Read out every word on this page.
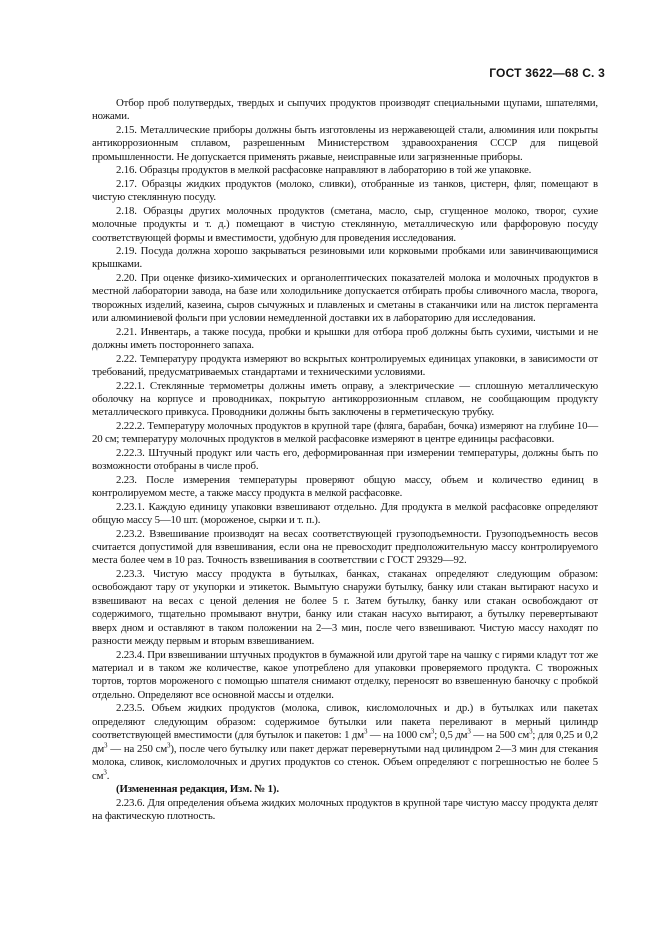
ГОСТ 3622—68 С. 3

Отбор проб полутвердых, твердых и сыпучих продуктов производят специальными щупами, шпателями, ножами.

2.15. Металлические приборы должны быть изготовлены из нержавеющей стали, алюминия или покрыты антикоррозионным сплавом, разрешенным Министерством здравоохранения СССР для пищевой промышленности. Не допускается применять ржавые, неисправные или загрязненные приборы.

2.16. Образцы продуктов в мелкой расфасовке направляют в лабораторию в той же упаковке.

2.17. Образцы жидких продуктов (молоко, сливки), отобранные из танков, цистерн, фляг, помещают в чистую стеклянную посуду.

2.18. Образцы других молочных продуктов (сметана, масло, сыр, сгущенное молоко, творог, сухие молочные продукты и т. д.) помещают в чистую стеклянную, металлическую или фарфоровую посуду соответствующей формы и вместимости, удобную для проведения исследования.

2.19. Посуда должна хорошо закрываться резиновыми или корковыми пробками или завинчивающимися крышками.

2.20. При оценке физико-химических и органолептических показателей молока и молочных продуктов в местной лаборатории завода, на базе или холодильнике допускается отбирать пробы сливочного масла, творога, творожных изделий, казеина, сыров сычужных и плавленых и сметаны в стаканчики или на листок пергамента или алюминиевой фольги при условии немедленной доставки их в лабораторию для исследования.

2.21. Инвентарь, а также посуда, пробки и крышки для отбора проб должны быть сухими, чистыми и не должны иметь постороннего запаха.

2.22. Температуру продукта измеряют во вскрытых контролируемых единицах упаковки, в зависимости от требований, предусматриваемых стандартами и техническими условиями.

2.22.1. Стеклянные термометры должны иметь оправу, а электрические — сплошную металлическую оболочку на корпусе и проводниках, покрытую антикоррозионным сплавом, не сообщающим продукту металлического привкуса. Проводники должны быть заключены в герметическую трубку.

2.22.2. Температуру молочных продуктов в крупной таре (фляга, барабан, бочка) измеряют на глубине 10—20 см; температуру молочных продуктов в мелкой расфасовке измеряют в центре единицы расфасовки.

2.22.3. Штучный продукт или часть его, деформированная при измерении температуры, должны быть по возможности отобраны в числе проб.

2.23. После измерения температуры проверяют общую массу, объем и количество единиц в контролируемом месте, а также массу продукта в мелкой расфасовке.

2.23.1. Каждую единицу упаковки взвешивают отдельно. Для продукта в мелкой расфасовке определяют общую массу 5—10 шт. (мороженое, сырки и т. п.).

2.23.2. Взвешивание производят на весах соответствующей грузоподъемности. Грузоподъемность весов считается допустимой для взвешивания, если она не превосходит предположительную массу контролируемого места более чем в 10 раз. Точность взвешивания в соответствии с ГОСТ 29329—92.

2.23.3. Чистую массу продукта в бутылках, банках, стаканах определяют следующим образом: освобождают тару от укупорки и этикеток. Вымытую снаружи бутылку, банку или стакан вытирают насухо и взвешивают на весах с ценой деления не более 5 г. Затем бутылку, банку или стакан освобождают от содержимого, тщательно промывают внутри, банку или стакан насухо вытирают, а бутылку перевертывают вверх дном и оставляют в таком положении на 2—3 мин, после чего взвешивают. Чистую массу находят по разности между первым и вторым взвешиванием.

2.23.4. При взвешивании штучных продуктов в бумажной или другой таре на чашку с гирями кладут тот же материал и в таком же количестве, какое употреблено для упаковки проверяемого продукта. С творожных тортов, тортов мороженого с помощью шпателя снимают отделку, переносят во взвешенную баночку с пробкой отдельно. Определяют все основной массы и отделки.

2.23.5. Объем жидких продуктов (молока, сливок, кисломолочных и др.) в бутылках или пакетах определяют следующим образом: содержимое бутылки или пакета переливают в мерный цилиндр соответствующей вместимости (для бутылок и пакетов: 1 $дм^3$ — на 1000 $см^3$; 0,5 $дм^3$ — на 500 $см^3$; для 0,25 и 0,2 $дм^3$ — на 250 $см^3$), после чего бутылку или пакет держат перевернутыми над цилиндром 2—3 мин для стекания молока, сливок, кисломолочных и других продуктов со стенок. Объем определяют с погрешностью не более 5 $см^3$.

(Измененная редакция, Изм. № 1).

2.23.6. Для определения объема жидких молочных продуктов в крупной таре чистую массу продукта делят на фактическую плотность.
